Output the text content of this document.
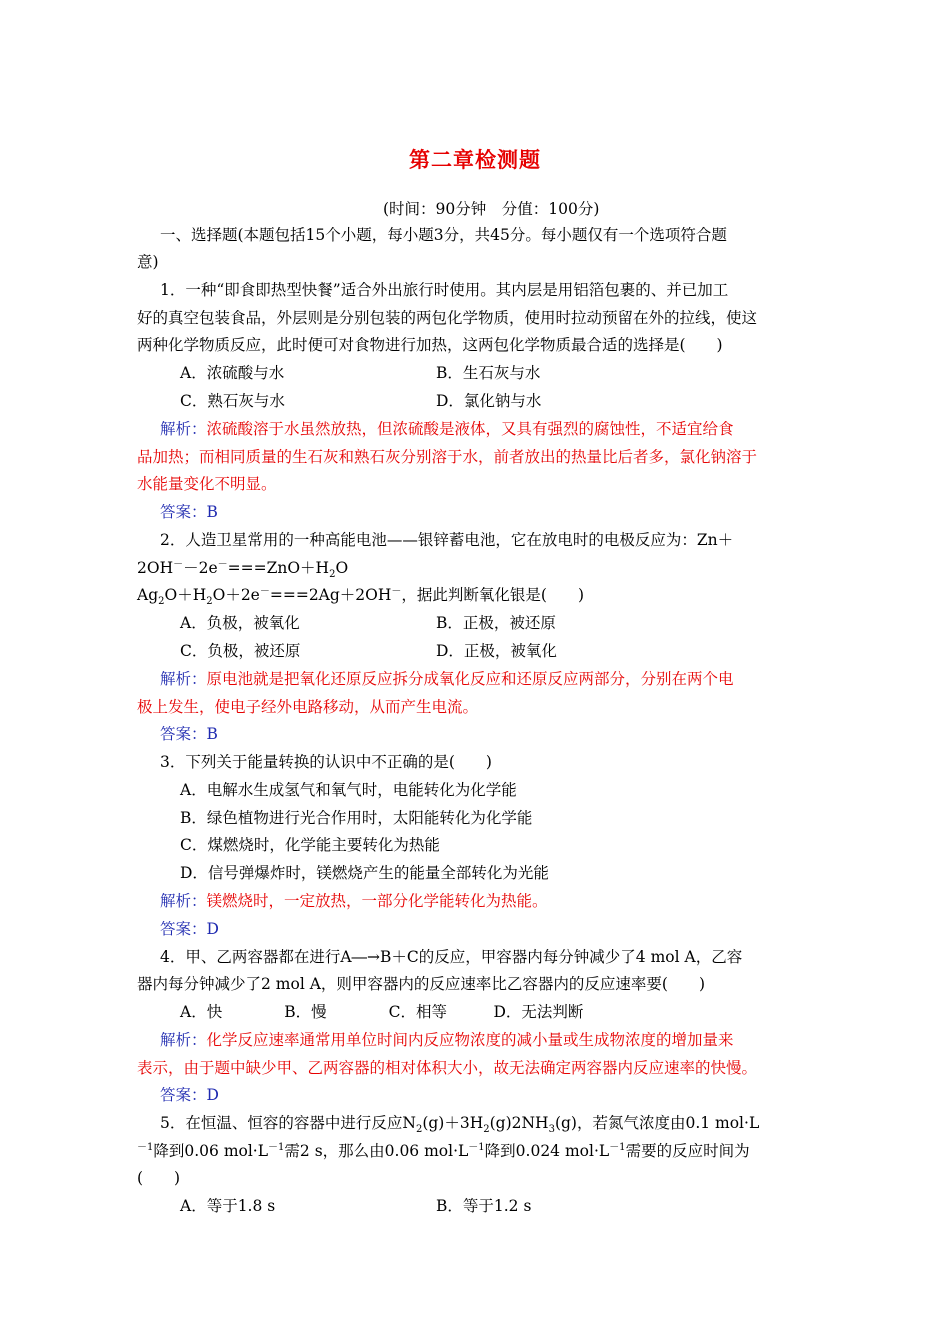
第二章检测题
(时间：90分钟　分值：100分)
一、选择题(本题包括15个小题，每小题3分，共45分。每小题仅有一个选项符合题
意)
1．一种“即食即热型快餐”适合外出旅行时使用。其内层是用铝箔包裹的、并已加工
好的真空包装食品，外层则是分别包装的两包化学物质，使用时拉动预留在外的拉线，使这
两种化学物质反应，此时便可对食物进行加热，这两包化学物质最合适的选择是(　　)
A．浓硫酸与水	B．生石灰与水
C．熟石灰与水	D．氯化钠与水
解析：浓硫酸溶于水虽然放热，但浓硫酸是液体，又具有强烈的腐蚀性，不适宜给食
品加热；而相同质量的生石灰和熟石灰分别溶于水，前者放出的热量比后者多，氯化钠溶于
水能量变化不明显。
答案：B
2．人造卫星常用的一种高能电池——银锌蓄电池，它在放电时的电极反应为：Zn＋
$2OH^--2e^-===ZnO+H_2O$
$Ag_2O+H_2O+2e^-===2Ag+2OH^-$，据此判断氧化银是(　　)
A．负极，被氧化	B．正极，被还原
C．负极，被还原	D．正极，被氧化
解析：原电池就是把氧化还原反应拆分成氧化反应和还原反应两部分，分别在两个电
极上发生，使电子经外电路移动，从而产生电流。
答案：B
3．下列关于能量转换的认识中不正确的是(　　)
A．电解水生成氢气和氧气时，电能转化为化学能
B．绿色植物进行光合作用时，太阳能转化为化学能
C．煤燃烧时，化学能主要转化为热能
D．信号弹爆炸时，镁燃烧产生的能量全部转化为光能
解析：镁燃烧时，一定放热，一部分化学能转化为热能。
答案：D
4．甲、乙两容器都在进行A―→B＋C的反应，甲容器内每分钟减少了4 mol A，乙容
器内每分钟减少了2 mol A，则甲容器内的反应速率比乙容器内的反应速率要(　　)
A．快　　　　B．慢　　　　C．相等　　　D．无法判断
解析：化学反应速率通常用单位时间内反应物浓度的减小量或生成物浓度的增加量来
表示，由于题中缺少甲、乙两容器的相对体积大小，故无法确定两容器内反应速率的快慢。
答案：D
5．在恒温、恒容的容器中进行反应$N_2(g)+3H_2(g)2NH_3(g)$，若氮气浓度由0.1 mol·L
$^{-1}$降到0.06 $mol\cdot L^{-1}$需2 s，那么由0.06 $mol\cdot L^{-1}$降到0.024 $mol\cdot L^{-1}$需要的反应时间为
(　　)
A．等于1.8 s	B．等于1.2 s
